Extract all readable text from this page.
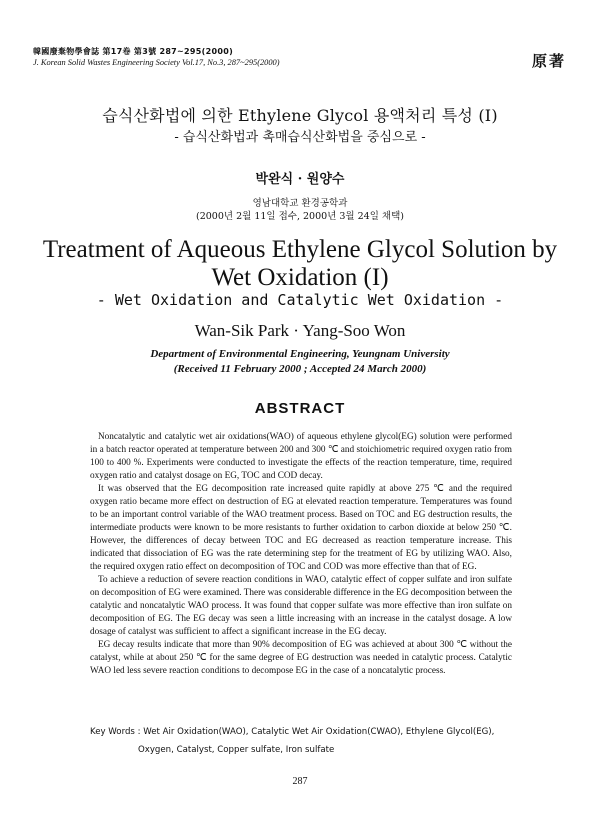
韓國廢棄物學會誌 第17卷 第3號 287~295(2000)
J. Korean Solid Wastes Engineering Society Vol.17, No.3, 287~295(2000)	原著
습식산화법에 의한 Ethylene Glycol 용액처리 특성 (I)
- 습식산화법과 촉매습식산화법을 중심으로 -
박완식 · 원양수
영남대학교 환경공학과
(2000년 2월 11일 접수, 2000년 3월 24일 채택)
Treatment of Aqueous Ethylene Glycol Solution by
Wet Oxidation (I)
- Wet Oxidation and Catalytic Wet Oxidation -
Wan-Sik Park · Yang-Soo Won
Department of Environmental Engineering, Yeungnam University
(Received 11 February 2000 ; Accepted 24 March 2000)
ABSTRACT

Noncatalytic and catalytic wet air oxidations(WAO) of aqueous ethylene glycol(EG) solution were performed in a batch reactor operated at temperature between 200 and 300 ℃ and stoichiometric required oxygen ratio from 100 to 400 %. Experiments were conducted to investigate the effects of the reaction temperature, time, required oxygen ratio and catalyst dosage on EG, TOC and COD decay.

It was observed that the EG decomposition rate increased quite rapidly at above 275 ℃ and the required oxygen ratio became more effect on destruction of EG at elevated reaction temperature. Temperatures was found to be an important control variable of the WAO treatment process. Based on TOC and EG destruction results, the intermediate products were known to be more resistants to further oxidation to carbon dioxide at below 250 ℃. However, the differences of decay between TOC and EG decreased as reaction temperature increase. This indicated that dissociation of EG was the rate determining step for the treatment of EG by utilizing WAO. Also, the required oxygen ratio effect on decomposition of TOC and COD was more effective than that of EG.

To achieve a reduction of severe reaction conditions in WAO, catalytic effect of copper sulfate and iron sulfate on decomposition of EG were examined. There was considerable difference in the EG decomposition between the catalytic and noncatalytic WAO process. It was found that copper sulfate was more effective than iron sulfate on decomposition of EG. The EG decay was seen a little increasing with an increase in the catalyst dosage. A low dosage of catalyst was sufficient to affect a significant increase in the EG decay.

EG decay results indicate that more than 90% decomposition of EG was achieved at about 300 ℃ without the catalyst, while at about 250 ℃ for the same degree of EG destruction was needed in catalytic process. Catalytic WAO led less severe reaction conditions to decompose EG in the case of a noncatalytic process.

Key Words : Wet Air Oxidation(WAO), Catalytic Wet Air Oxidation(CWAO), Ethylene Glycol(EG),
Oxygen, Catalyst, Copper sulfate, Iron sulfate
287
